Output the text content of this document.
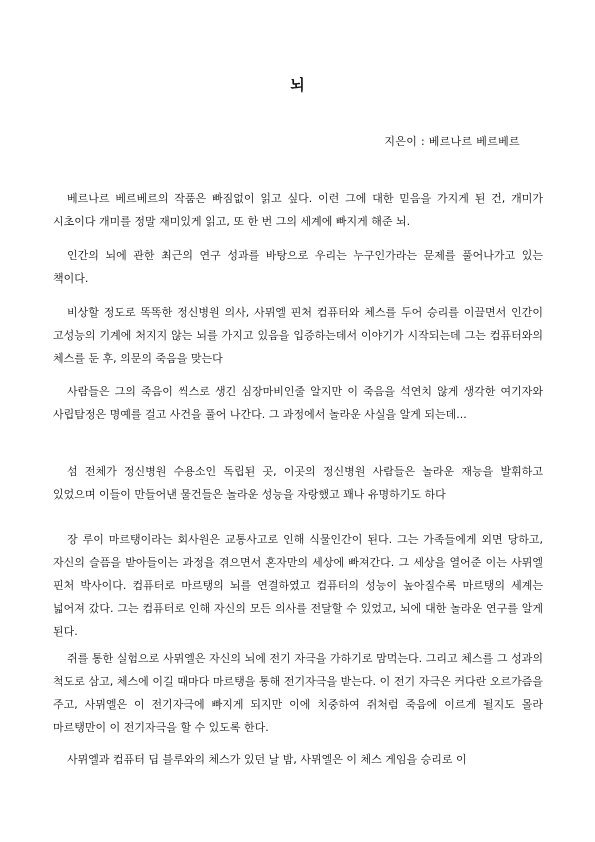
뇌
지은이 : 베르나르 베르베르

베르나르 베르베르의 작품은 빠짐없이 읽고 싶다. 이런 그에 대한 믿음을 가지게 된 건, 개미가 시초이다 개미를 정말 재미있게 읽고, 또 한 번 그의 세계에 빠지게 해준 뇌.

인간의 뇌에 관한 최근의 연구 성과를 바탕으로 우리는 누구인가라는 문제를 풀어나가고 있는 책이다.

비상할 정도로 똑똑한 정신병원 의사, 사뮈엘 핀처 컴퓨터와 체스를 두어 승리를 이끌면서 인간이 고성능의 기계에 처지지 않는 뇌를 가지고 있음을 입증하는데서 이야기가 시작되는데 그는 컴퓨터와의 체스를 둔 후, 의문의 죽음을 맞는다

사람들은 그의 죽음이 씩스로 생긴 심장마비인줄 알지만 이 죽음을 석연치 않게 생각한 여기자와 사립탐정은 명예를 걸고 사건을 풀어 나간다. 그 과정에서 놀라운 사실을 알게 되는데...

섬 전체가 정신병원 수용소인 독립된 곳, 이곳의 정신병원 사람들은 놀라운 재능을 발휘하고 있었으며 이들이 만들어낸 물건들은 놀라운 성능을 자랑했고 꽤나 유명하기도 하다

장 루이 마르탱이라는 회사원은 교통사고로 인해 식물인간이 된다. 그는 가족들에게 외면 당하고, 자신의 슬픔을 받아들이는 과정을 겪으면서 혼자만의 세상에 빠져간다. 그 세상을 열어준 이는 사뮈엘 핀처 박사이다. 컴퓨터로 마르탱의 뇌를 연결하였고 컴퓨터의 성능이 높아질수록 마르탱의 세계는 넓어져 갔다. 그는 컴퓨터로 인해 자신의 모든 의사를 전달할 수 있었고, 뇌에 대한 놀라운 연구를 알게 된다.

쥐를 통한 실험으로 사뮈엘은 자신의 뇌에 전기 자극을 가하기로 맘먹는다. 그리고 체스를 그 성과의 척도로 삼고, 체스에 이길 때마다 마르탱을 통해 전기자극을 받는다. 이 전기 자극은 커다란 오르가즘을 주고, 사뮈엘은 이 전기자극에 빠지게 되지만 이에 치중하여 쥐처럼 죽음에 이르게 될지도 몰라 마르탱만이 이 전기자극을 할 수 있도록 한다.

사뮈엘과 컴퓨터 딥 블루와의 체스가 있던 날 밤, 사뮈엘은 이 체스 게임을 승리로 이
